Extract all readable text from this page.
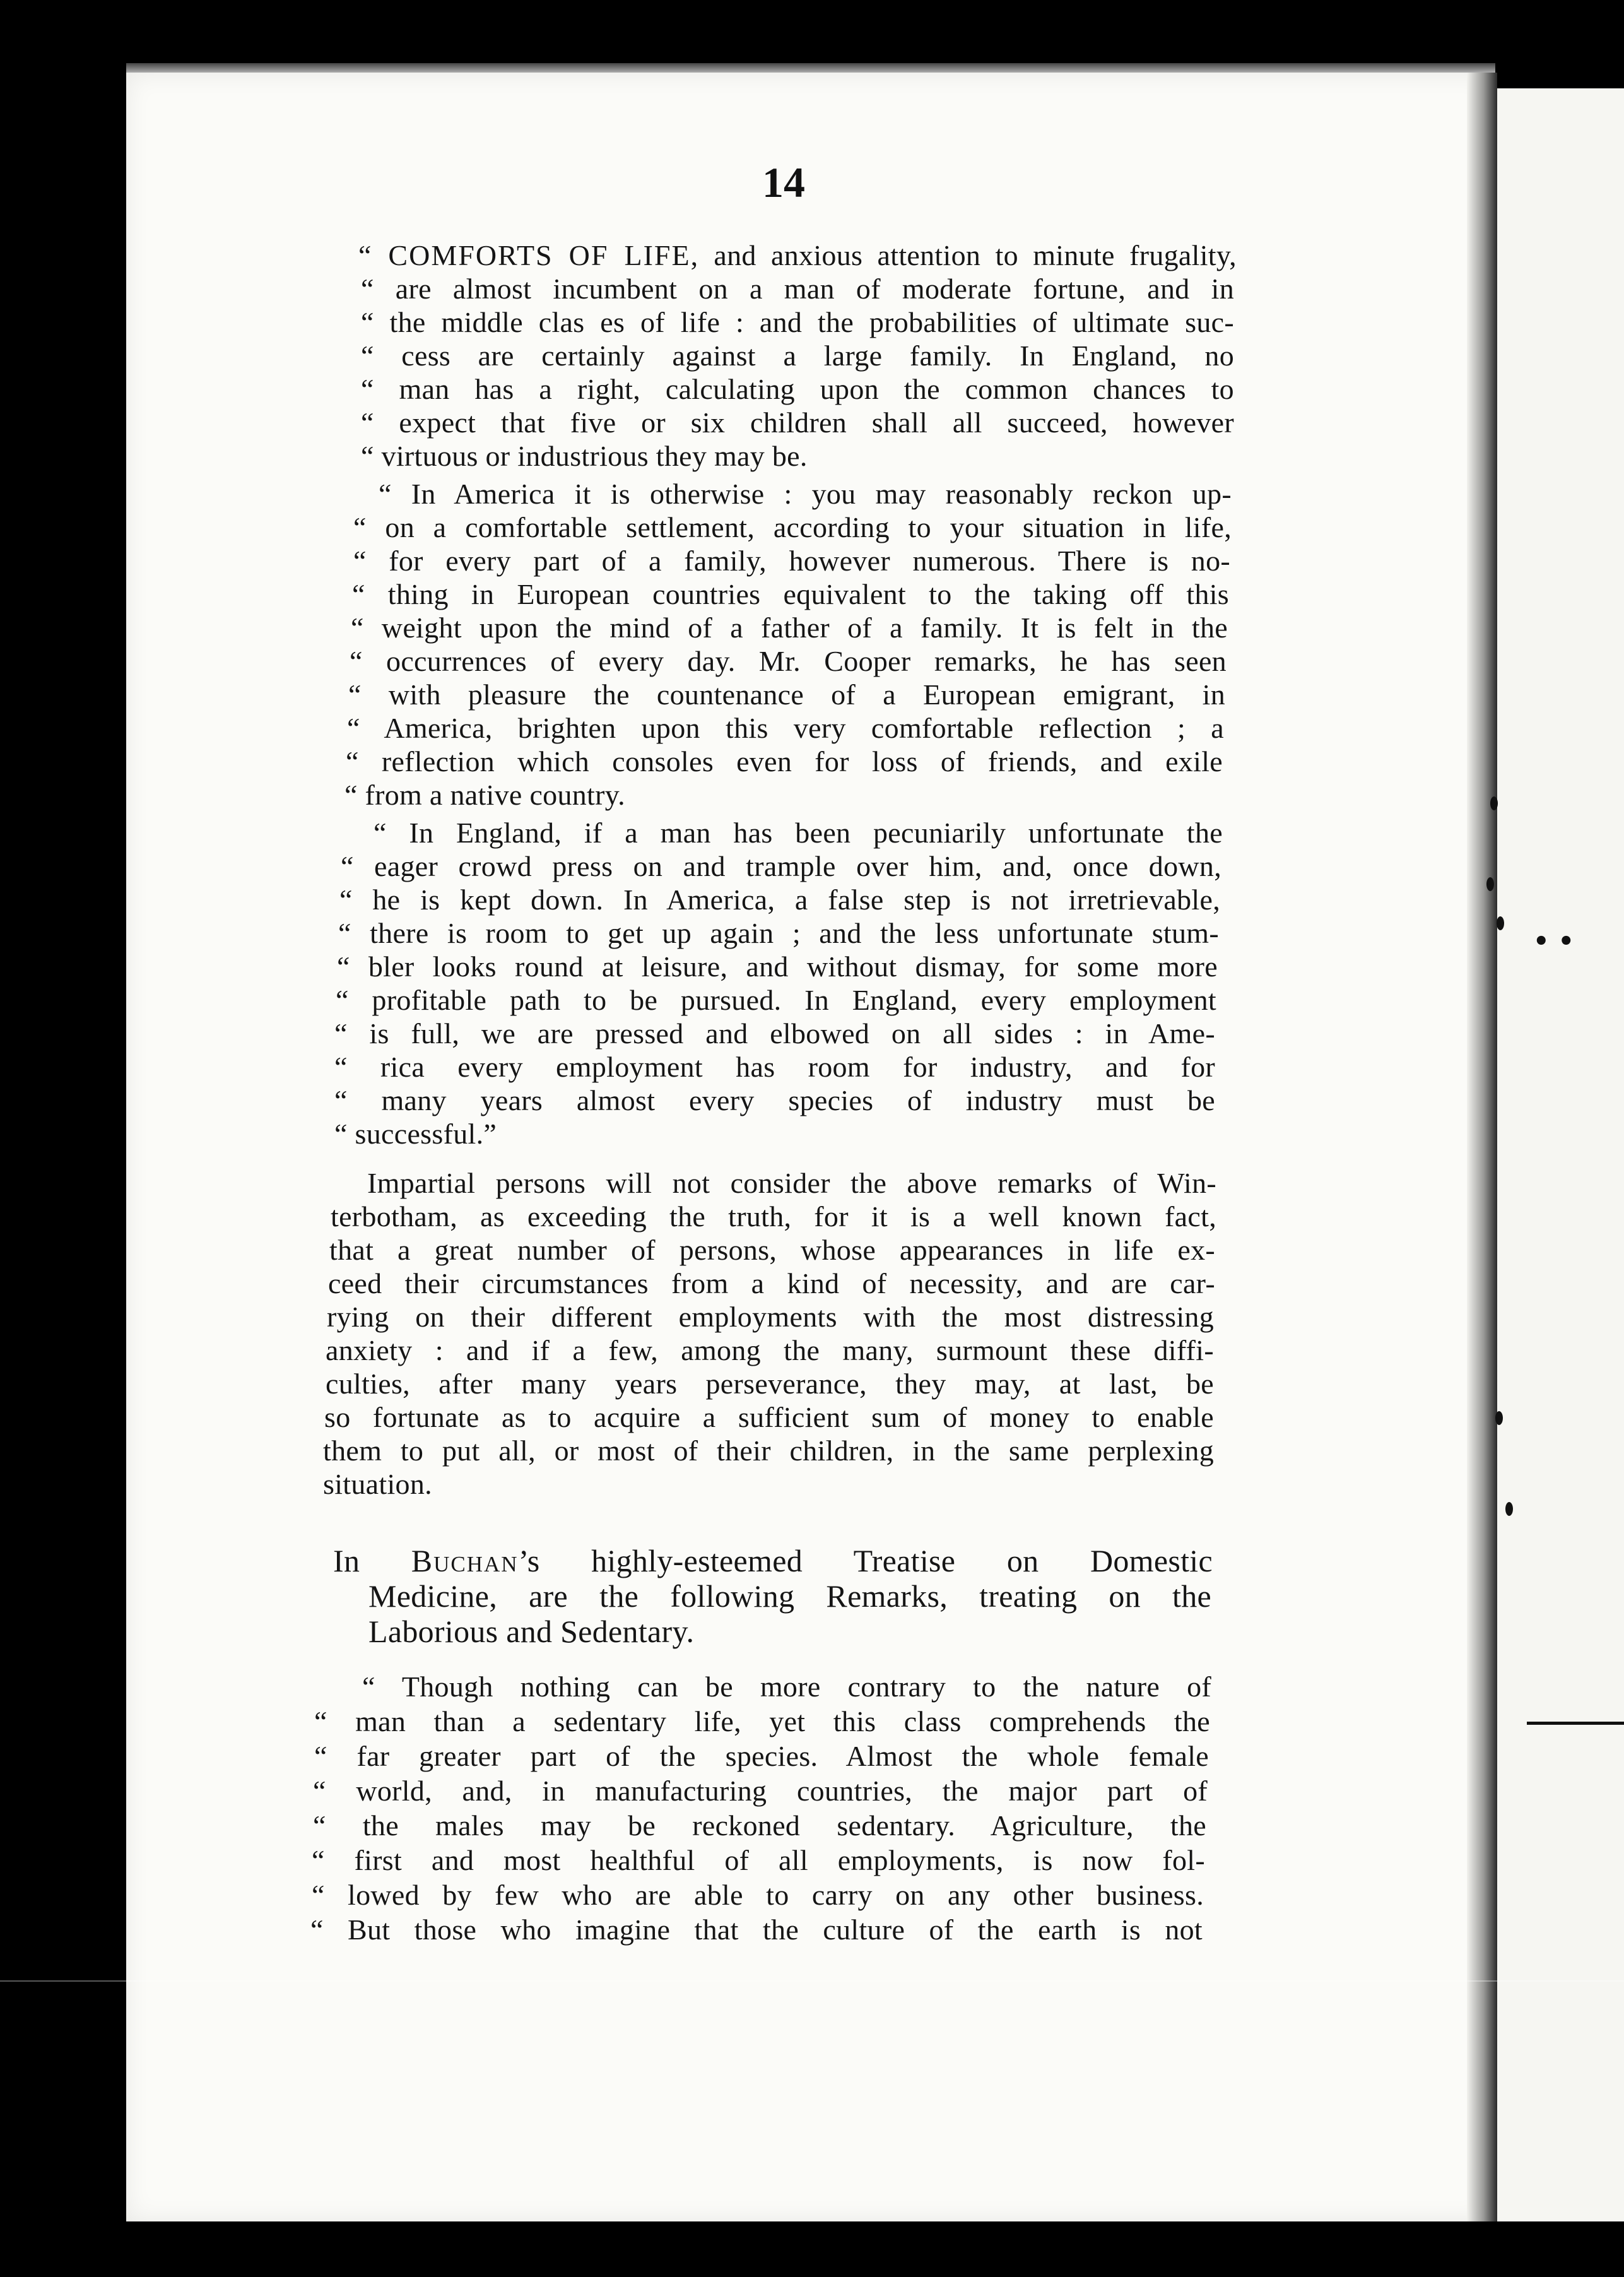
• •
14

“ COMFORTS OF LIFE, and anxious attention to minute frugality,

“ are almost incumbent on a man of moderate fortune, and in

“ the middle clas es of life : and the probabilities of ultimate suc-

“ cess are certainly against a large family. In England, no

“ man has a right, calculating upon the common chances to

“ expect that five or six children shall all succeed, however

“ virtuous or industrious they may be.

“ In America it is otherwise : you may reasonably reckon up-

“ on a comfortable settlement, according to your situation in life,

“ for every part of a family, however numerous. There is no-

“ thing in European countries equivalent to the taking off this

“ weight upon the mind of a father of a family. It is felt in the

“ occurrences of every day. Mr. Cooper remarks, he has seen

“ with pleasure the countenance of a European emigrant, in

“ America, brighten upon this very comfortable reflection ; a

“ reflection which consoles even for loss of friends, and exile

“ from a native country.

“ In England, if a man has been pecuniarily unfortunate the

“ eager crowd press on and trample over him, and, once down,

“ he is kept down. In America, a false step is not irretrievable,

“ there is room to get up again ; and the less unfortunate stum-

“ bler looks round at leisure, and without dismay, for some more

“ profitable path to be pursued. In England, every employment

“ is full, we are pressed and elbowed on all sides : in Ame-

“ rica every employment has room for industry, and for

“ many years almost every species of industry must be

“ successful.”

Impartial persons will not consider the above remarks of Win-

terbotham, as exceeding the truth, for it is a well known fact,

that a great number of persons, whose appearances in life ex-

ceed their circumstances from a kind of necessity, and are car-

rying on their different employments with the most distressing

anxiety : and if a few, among the many, surmount these diffi-

culties, after many years perseverance, they may, at last, be

so fortunate as to acquire a sufficient sum of money to enable

them to put all, or most of their children, in the same perplexing

situation.

In Buchan’s highly-esteemed Treatise on Domestic

Medicine, are the following Remarks, treating on the

Laborious and Sedentary.

“ Though nothing can be more contrary to the nature of

“ man than a sedentary life, yet this class comprehends the

“ far greater part of the species. Almost the whole female

“ world, and, in manufacturing countries, the major part of

“ the males may be reckoned sedentary. Agriculture, the

“ first and most healthful of all employments, is now fol-

“ lowed by few who are able to carry on any other business.

“ But those who imagine that the culture of the earth is not
